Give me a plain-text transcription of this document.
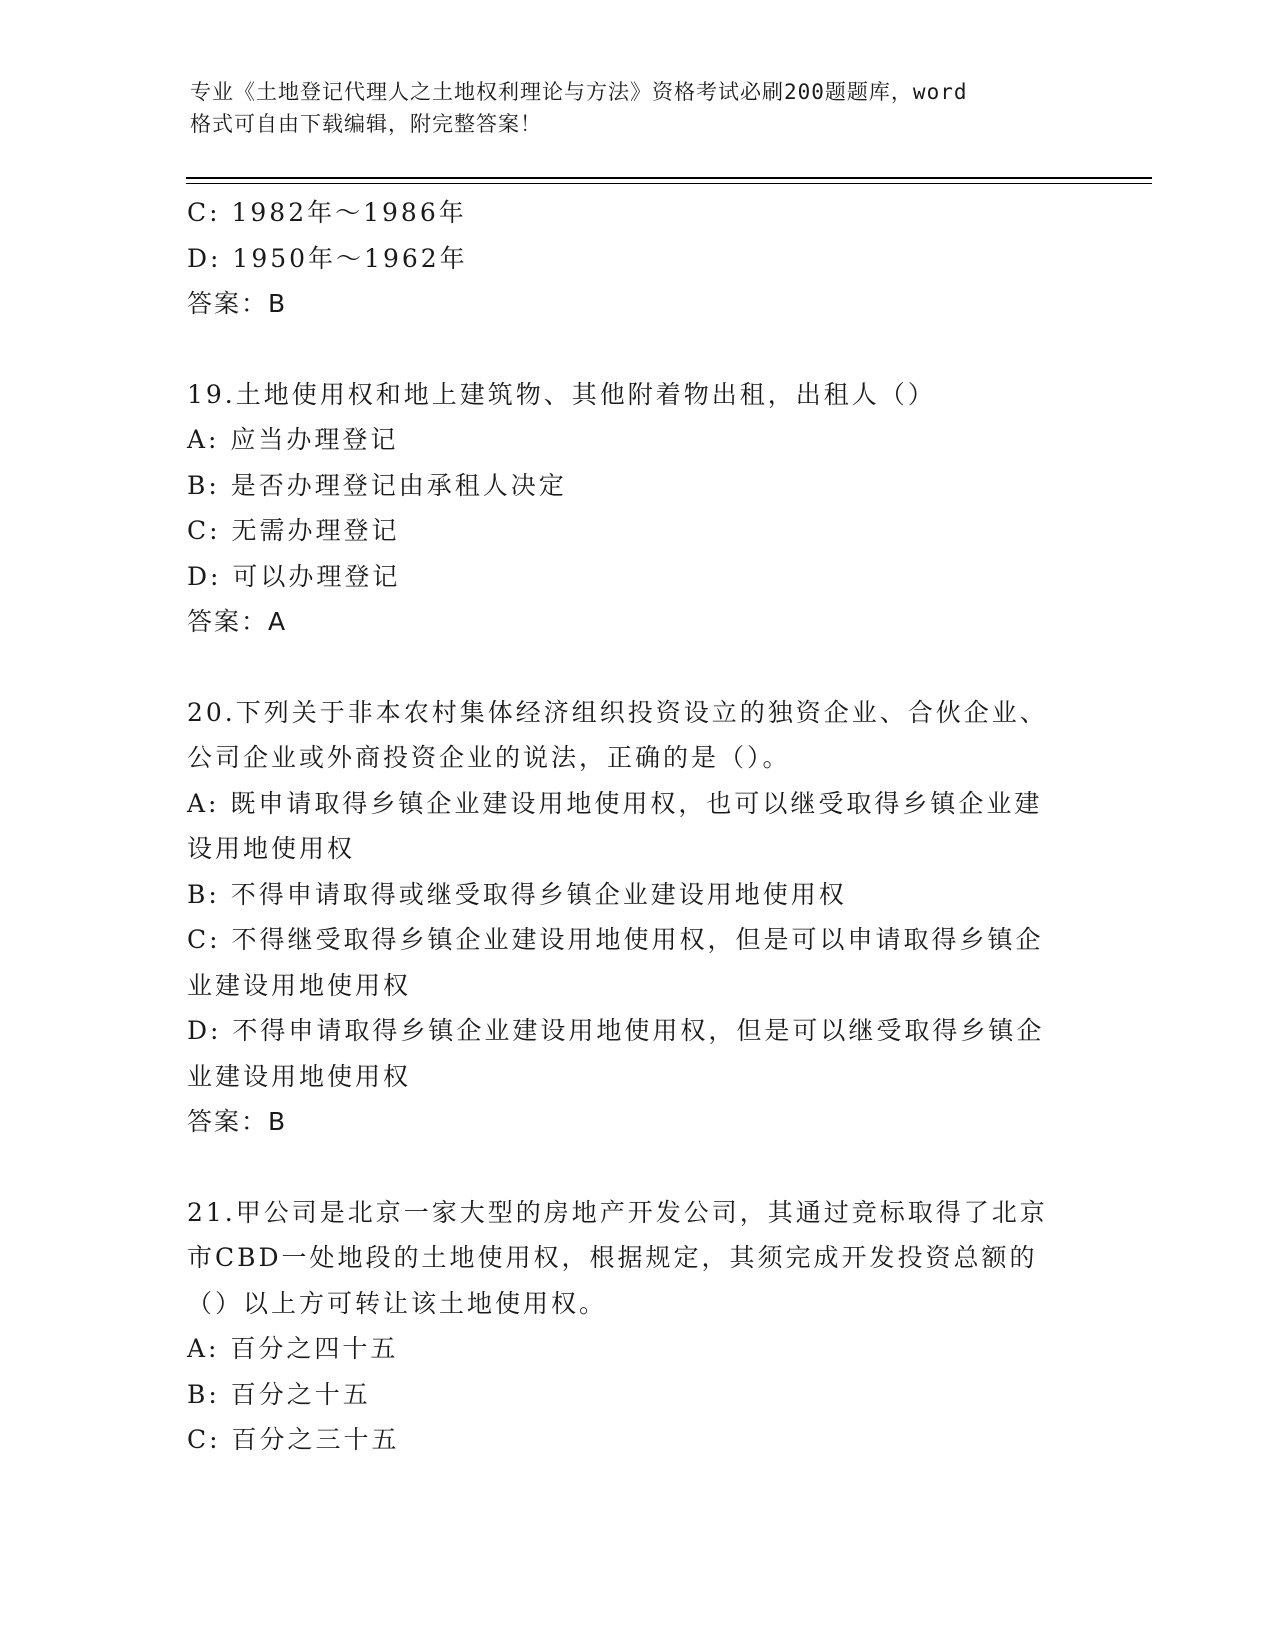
专业《土地登记代理人之土地权利理论与方法》资格考试必刷200题题库，word
格式可自由下载编辑，附完整答案！
C: 1982年～1986年
D: 1950年～1962年
答案：B
19.土地使用权和地上建筑物、其他附着物出租，出租人（）
A: 应当办理登记
B: 是否办理登记由承租人决定
C: 无需办理登记
D: 可以办理登记
答案：A
20.下列关于非本农村集体经济组织投资设立的独资企业、合伙企业、
公司企业或外商投资企业的说法，正确的是（）。
A: 既申请取得乡镇企业建设用地使用权，也可以继受取得乡镇企业建
设用地使用权
B: 不得申请取得或继受取得乡镇企业建设用地使用权
C: 不得继受取得乡镇企业建设用地使用权，但是可以申请取得乡镇企
业建设用地使用权
D: 不得申请取得乡镇企业建设用地使用权，但是可以继受取得乡镇企
业建设用地使用权
答案：B
21.甲公司是北京一家大型的房地产开发公司，其通过竞标取得了北京
市CBD一处地段的土地使用权，根据规定，其须完成开发投资总额的
（）以上方可转让该土地使用权。
A: 百分之四十五
B: 百分之十五
C: 百分之三十五
